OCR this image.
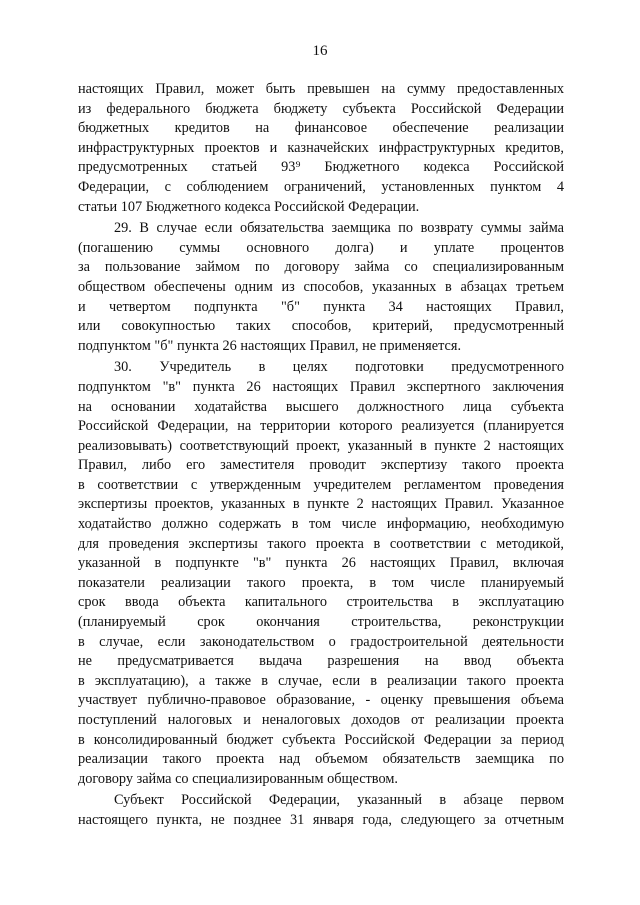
16
настоящих Правил, может быть превышен на сумму предоставленных
из федерального бюджета бюджету субъекта Российской Федерации
бюджетных кредитов на финансовое обеспечение реализации
инфраструктурных проектов и казначейских инфраструктурных кредитов,
предусмотренных статьей 93⁹ Бюджетного кодекса Российской
Федерации, с соблюдением ограничений, установленных пунктом 4
статьи 107 Бюджетного кодекса Российской Федерации.
29. В случае если обязательства заемщика по возврату суммы займа
(погашению суммы основного долга) и уплате процентов
за пользование займом по договору займа со специализированным
обществом обеспечены одним из способов, указанных в абзацах третьем
и четвертом подпункта "б" пункта 34 настоящих Правил,
или совокупностью таких способов, критерий, предусмотренный
подпунктом "б" пункта 26 настоящих Правил, не применяется.
30. Учредитель в целях подготовки предусмотренного
подпунктом "в" пункта 26 настоящих Правил экспертного заключения
на основании ходатайства высшего должностного лица субъекта
Российской Федерации, на территории которого реализуется (планируется
реализовывать) соответствующий проект, указанный в пункте 2 настоящих
Правил, либо его заместителя проводит экспертизу такого проекта
в соответствии с утвержденным учредителем регламентом проведения
экспертизы проектов, указанных в пункте 2 настоящих Правил. Указанное
ходатайство должно содержать в том числе информацию, необходимую
для проведения экспертизы такого проекта в соответствии с методикой,
указанной в подпункте "в" пункта 26 настоящих Правил, включая
показатели реализации такого проекта, в том числе планируемый
срок ввода объекта капитального строительства в эксплуатацию
(планируемый срок окончания строительства, реконструкции
в случае, если законодательством о градостроительной деятельности
не предусматривается выдача разрешения на ввод объекта
в эксплуатацию), а также в случае, если в реализации такого проекта
участвует публично-правовое образование, - оценку превышения объема
поступлений налоговых и неналоговых доходов от реализации проекта
в консолидированный бюджет субъекта Российской Федерации за период
реализации такого проекта над объемом обязательств заемщика по
договору займа со специализированным обществом.
Субъект Российской Федерации, указанный в абзаце первом
настоящего пункта, не позднее 31 января года, следующего за отчетным
